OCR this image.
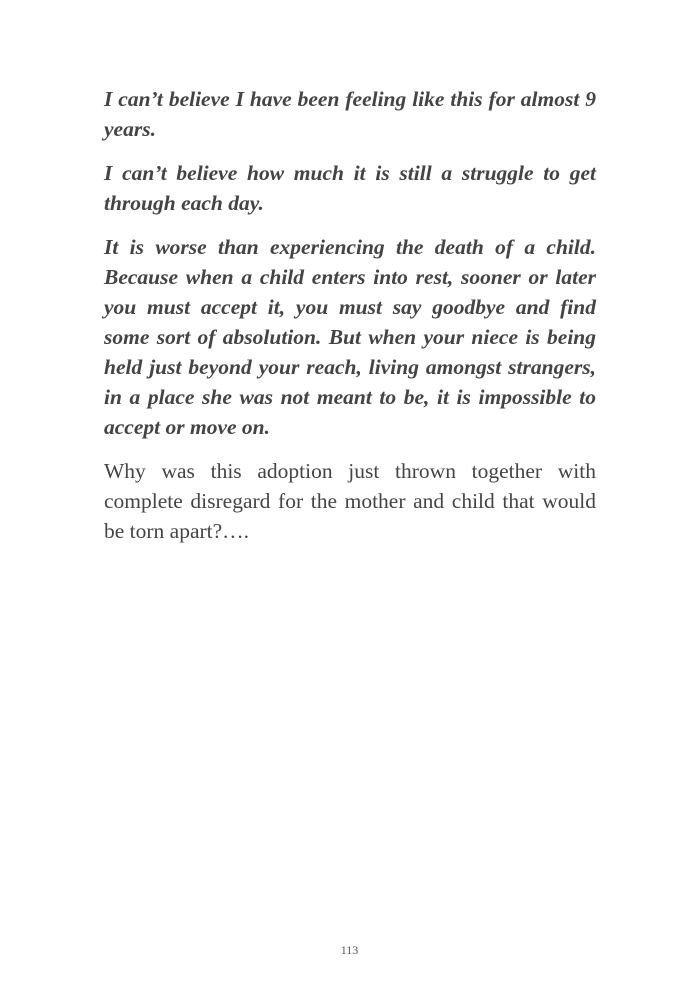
I can’t believe I have been feeling like this for almost 9 years.

I can’t believe how much it is still a struggle to get through each day.

It is worse than experiencing the death of a child. Because when a child enters into rest, sooner or later you must accept it, you must say goodbye and find some sort of absolution. But when your niece is being held just beyond your reach, living amongst strangers, in a place she was not meant to be, it is impossible to accept or move on.

Why was this adoption just thrown together with complete disregard for the mother and child that would be torn apart?….

113
